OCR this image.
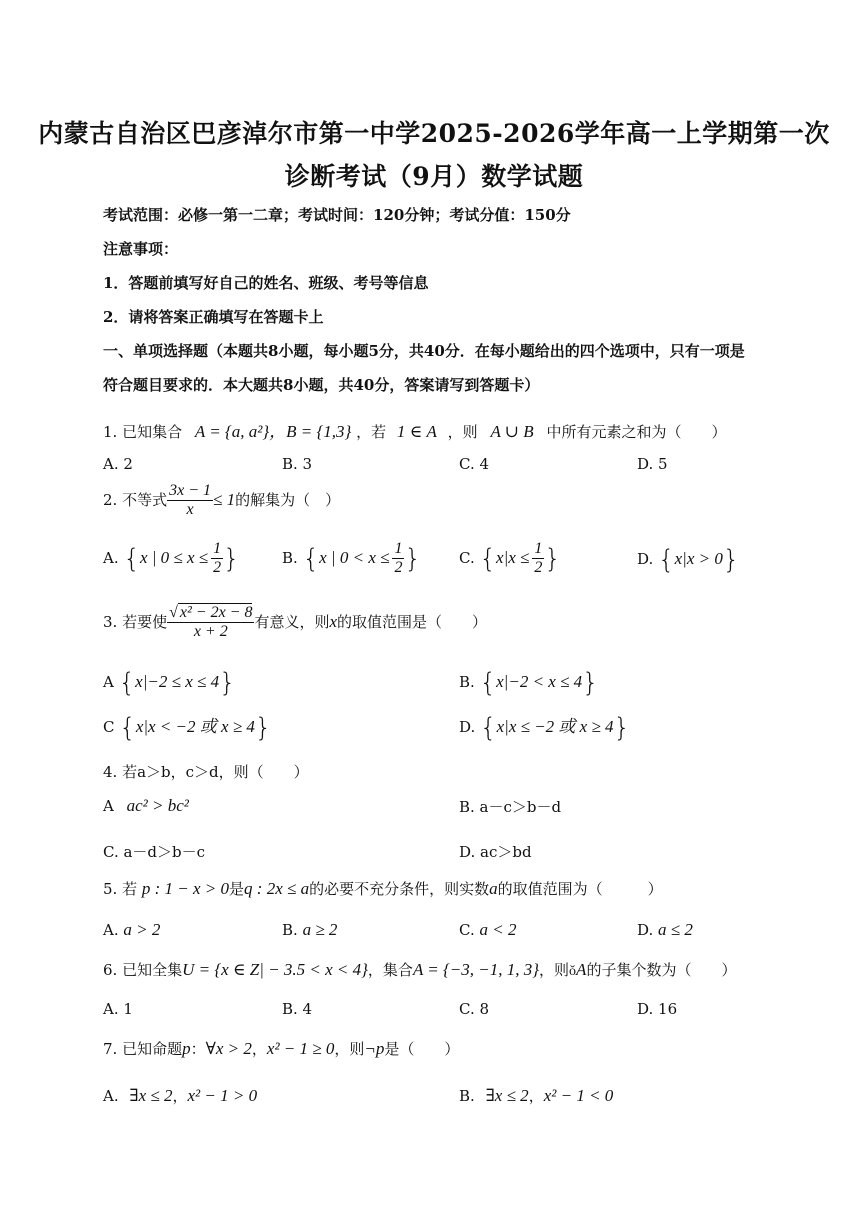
内蒙古自治区巴彦淖尔市第一中学2025-2026学年高一上学期第一次
诊断考试（9月）数学试题
考试范围：必修一第一二章；考试时间：120分钟；考试分值：150分
注意事项：
1．答题前填写好自己的姓名、班级、考号等信息
2．请将答案正确填写在答题卡上
一、单项选择题（本题共8小题，每小题5分，共40分．在每小题给出的四个选项中，只有一项是
符合题目要求的．本大题共8小题，共40分，答案请写到答题卡）
1. 已知集合 A = {a, a²}，B = {1,3} ，若 1 ∈ A ，则 A ∪ B 中所有元素之和为（　　）
A. 2	B. 3	C. 4	D. 5
2. 不等式 $\frac{3x - 1}{x} \le 1$的解集为（　）
A. {x | $0 \le x \le \frac{1}{2}$ }	B. {x | $0 < x \le \frac{1}{2}$ }	C. {$x|x \le \frac{1}{2}$ }	D. {x|x > 0}
3. 若要使 $\frac{\text{√ x² − 2x − 8}}{x + 2}$ 有意义，则x的取值范围是（　　）
A {x|−2 ≤ x ≤ 4}	B. {x|−2 < x ≤ 4}
C {x|x < −2 或 x ≥ 4}	D. {x|x ≤ −2 或 x ≥ 4}
4. 若a＞b，c＞d，则（　　）
A ac² > bc²	B. a－c＞b－d
C. a－d＞b－c	D. ac＞bd
5. 若 p : 1 − x > 0是q : 2x ≤ a的必要不充分条件，则实数a的取值范围为（　　　）
A. a > 2	B. a ≥ 2	C. a < 2	D. a ≤ 2
6. 已知全集U = {x ∈ Z| − 3.5 < x < 4}，集合A = {−3, −1, 1, 3}，则ǒA的子集个数为（　　）
A. 1	B. 4	C. 8	D. 16
7. 已知命题p：∀x > 2，x² − 1 ≥ 0，则¬p是（　　）
A. ∃x ≤ 2，x² − 1 > 0	B. ∃x ≤ 2，x² − 1 < 0
